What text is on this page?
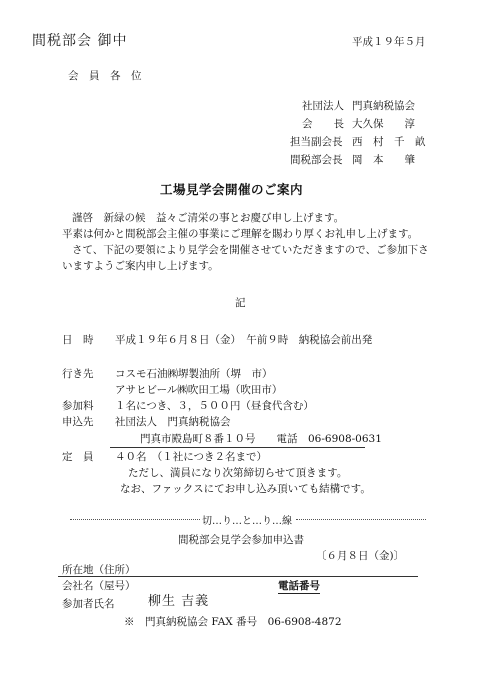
間税部会 御中	平成１９年５月
会　員　各　位
社団法人 門真納税協会
会　　長 大久保　　淳
担当副会長 西　村　千　畝
間税部会長 岡　本　　肇
工場見学会開催のご案内
謹啓　新緑の候　益々ご清栄の事とお慶び申し上げます。
平素は何かと間税部会主催の事業にご理解を賜わり厚くお礼申し上げます。
さて、下記の要領により見学会を開催させていただきますので、ご参加下さ
いますようご案内申し上げます。
記
日　時 平成１９年６月８日（金）　午前９時　納税協会前出発
行き先 コスモ石油㈱堺製油所（堺　市）
アサヒビール㈱吹田工場（吹田市）
参加料 １名につき、３，５００円（昼食代含む）
申込先 社団法人　門真納税協会
門真市殿島町８番１０号　　電話　06-6908-0631
定　員 ４０名　（１社につき２名まで）
ただし、満員になり次第締切らせて頂きます。
なお、ファックスにてお申し込み頂いても結構です。
切…り…と…り…線
間税部会見学会参加申込書
〔６月８日（金)〕
所在地（住所）
会社名（屋号）	電話番号
参加者氏名	柳生 吉義
※　門真納税協会 FAX 番号　06-6908-4872
